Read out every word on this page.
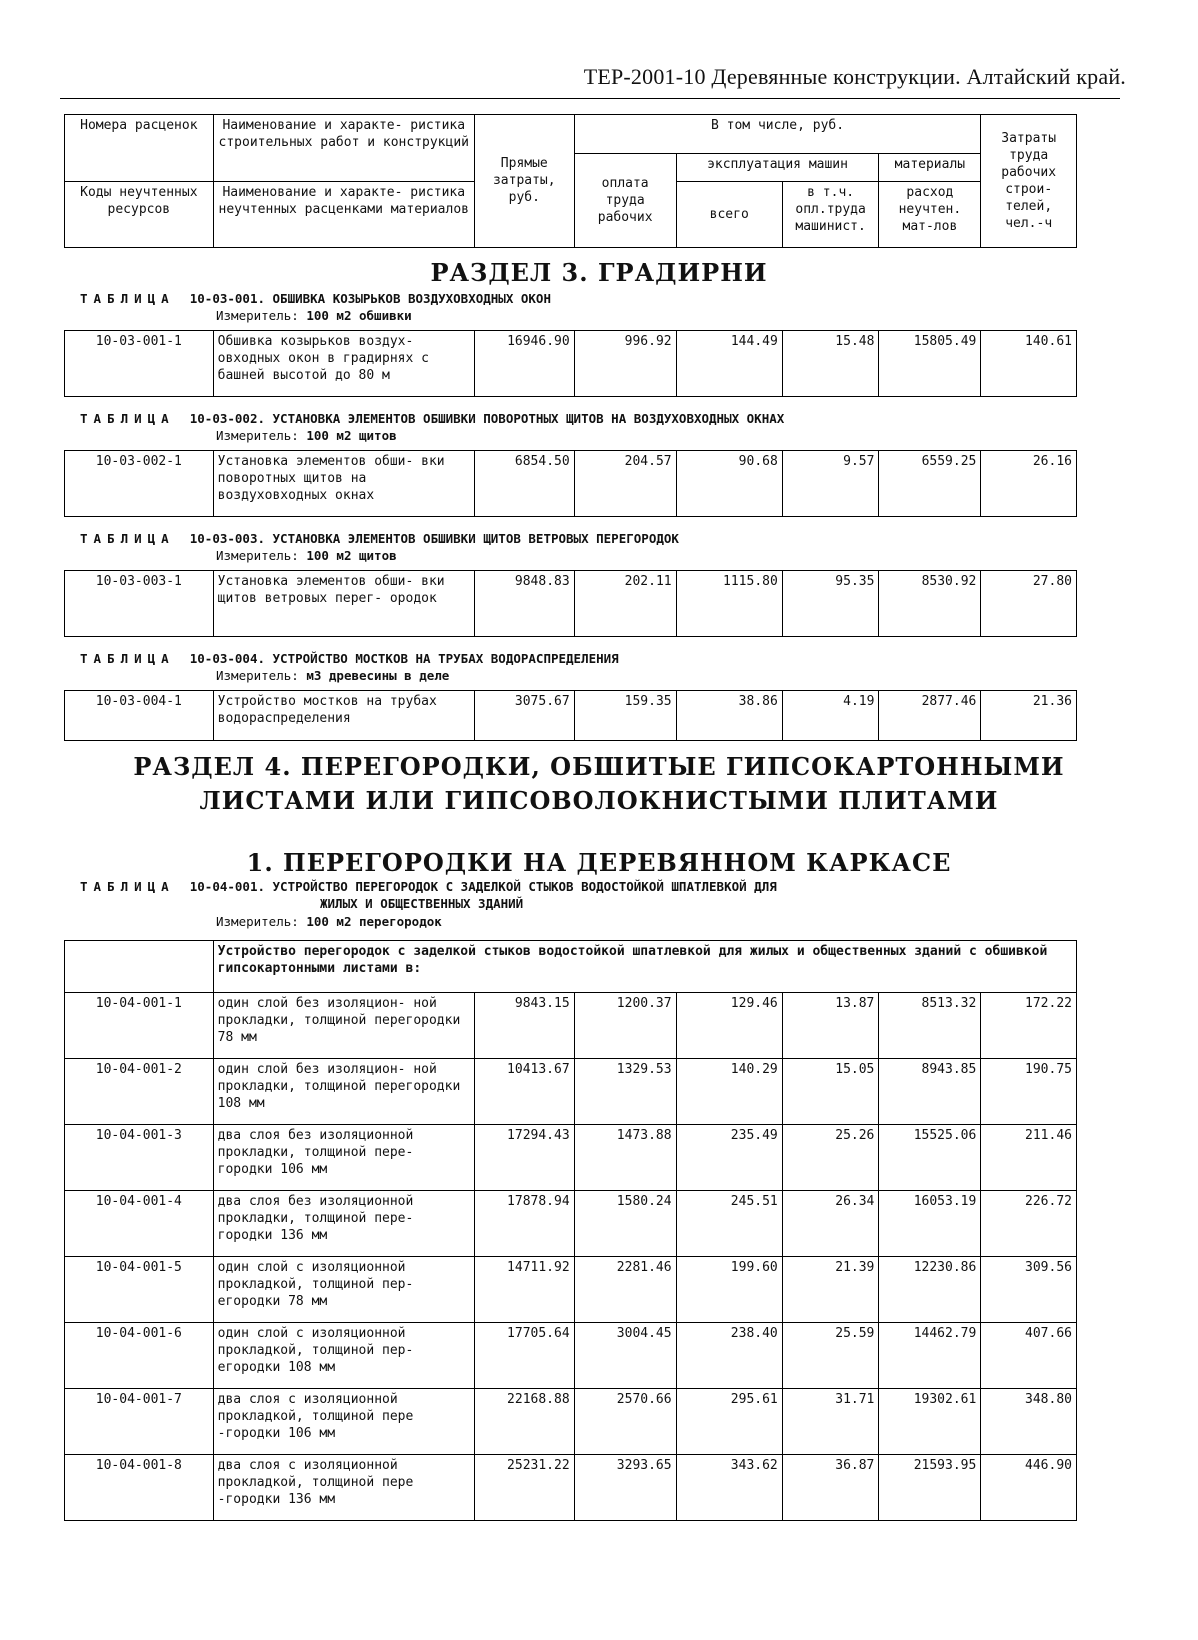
ТЕР-2001-10 Деревянные конструкции. Алтайский край.
Номера расценок	Наименование и характе- ристика строительных работ и конструкций	Прямые затраты, руб.	В том числе, руб.				Затраты труда рабочих строи- телей, чел.-ч
			оплата труда рабочих	эксплуатация машин		материалы	
Коды неучтенных ресурсов	Наименование и характе- ристика неучтенных расценками материалов			всего	в т.ч. опл.труда машинист.	расход неучтен. мат-лов	
РАЗДЕЛ 3. ГРАДИРНИ
ТАБЛИЦА 10-03-001. ОБШИВКА КОЗЫРЬКОВ ВОЗДУХОВХОДНЫХ ОКОН
Измеритель: 100 м2 обшивки
10-03-001-1	Обшивка козырьков воздух- овходных окон в градирнях с башней высотой до 80 м	16946.90	996.92	144.49	15.48	15805.49	140.61
ТАБЛИЦА 10-03-002. УСТАНОВКА ЭЛЕМЕНТОВ ОБШИВКИ ПОВОРОТНЫХ ЩИТОВ НА ВОЗДУХОВХОДНЫХ ОКНАХ
Измеритель: 100 м2 щитов
10-03-002-1	Установка элементов обши- вки поворотных щитов на воздуховходных окнах	6854.50	204.57	90.68	9.57	6559.25	26.16
ТАБЛИЦА 10-03-003. УСТАНОВКА ЭЛЕМЕНТОВ ОБШИВКИ ЩИТОВ ВЕТРОВЫХ ПЕРЕГОРОДОК
Измеритель: 100 м2 щитов
10-03-003-1	Установка элементов обши- вки щитов ветровых перег- ородок	9848.83	202.11	1115.80	95.35	8530.92	27.80
ТАБЛИЦА 10-03-004. УСТРОЙСТВО МОСТКОВ НА ТРУБАХ ВОДОРАСПРЕДЕЛЕНИЯ
Измеритель: м3 древесины в деле
10-03-004-1	Устройство мостков на трубах водораспределения	3075.67	159.35	38.86	4.19	2877.46	21.36
РАЗДЕЛ 4. ПЕРЕГОРОДКИ, ОБШИТЫЕ ГИПСОКАРТОННЫМИ
ЛИСТАМИ ИЛИ ГИПСОВОЛОКНИСТЫМИ ПЛИТАМИ
1. ПЕРЕГОРОДКИ НА ДЕРЕВЯННОМ КАРКАСЕ
ТАБЛИЦА 10-04-001. УСТРОЙСТВО ПЕРЕГОРОДОК С ЗАДЕЛКОЙ СТЫКОВ ВОДОСТОЙКОЙ ШПАТЛЕВКОЙ ДЛЯ
ЖИЛЫХ И ОБЩЕСТВЕННЫХ ЗДАНИЙ
Измеритель: 100 м2 перегородок
	Устройство перегородок с заделкой стыков водостойкой шпатлевкой для жилых и общественных зданий с обшивкой гипсокартонными листами в:						
10-04-001-1	один слой без изоляцион- ной прокладки, толщиной перегородки 78 мм	9843.15	1200.37	129.46	13.87	8513.32	172.22
10-04-001-2	один слой без изоляцион- ной прокладки, толщиной перегородки 108 мм	10413.67	1329.53	140.29	15.05	8943.85	190.75
10-04-001-3	два слоя без изоляционной прокладки, толщиной пере- городки 106 мм	17294.43	1473.88	235.49	25.26	15525.06	211.46
10-04-001-4	два слоя без изоляционной прокладки, толщиной пере- городки 136 мм	17878.94	1580.24	245.51	26.34	16053.19	226.72
10-04-001-5	один слой с изоляционной прокладкой, толщиной пер- егородки 78 мм	14711.92	2281.46	199.60	21.39	12230.86	309.56
10-04-001-6	один слой с изоляционной прокладкой, толщиной пер- егородки 108 мм	17705.64	3004.45	238.40	25.59	14462.79	407.66
10-04-001-7	два слоя с изоляционной прокладкой, толщиной пере -городки 106 мм	22168.88	2570.66	295.61	31.71	19302.61	348.80
10-04-001-8	два слоя с изоляционной прокладкой, толщиной пере -городки 136 мм	25231.22	3293.65	343.62	36.87	21593.95	446.90
